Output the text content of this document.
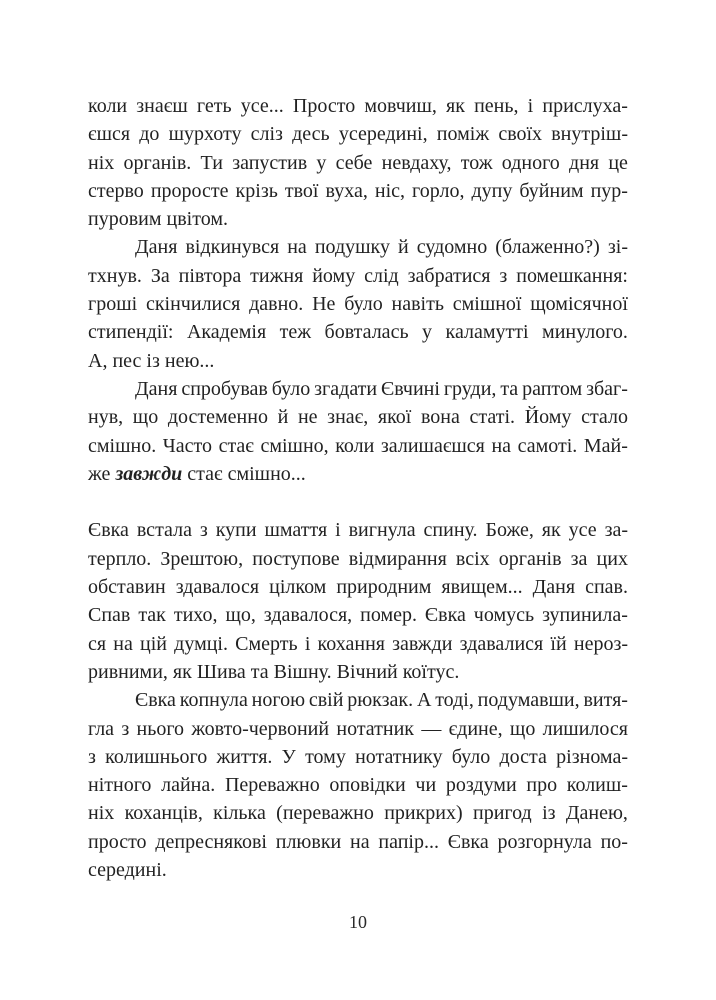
коли знаєш геть усе... Просто мовчиш, як пень, і прислуха-
єшся до шурхоту сліз десь усередині, поміж своїх внутріш-
ніх органів. Ти запустив у себе невдаху, тож одного дня це
стерво проросте крізь твої вуха, ніс, горло, дупу буйним пур-
пуровим цвітом.
Даня відкинувся на подушку й судомно (блаженно?) зі-
тхнув. За півтора тижня йому слід забратися з помешкання:
гроші скінчилися давно. Не було навіть смішної щомісячної
стипендії: Академія теж бовталась у каламутті минулого.
А, пес із нею...
Даня спробував було згадати Євчині груди, та раптом збаг-
нув, що достеменно й не знає, якої вона статі. Йому стало
смішно. Часто стає смішно, коли залишаєшся на самоті. Май-
же завжди стає смішно...
Євка встала з купи шмаття і вигнула спину. Боже, як усе за-
терпло. Зрештою, поступове відмирання всіх органів за цих
обставин здавалося цілком природним явищем... Даня спав.
Спав так тихо, що, здавалося, помер. Євка чомусь зупинила-
ся на цій думці. Смерть і кохання завжди здавалися їй нероз-
ривними, як Шива та Вішну. Вічний коїтус.
Євка копнула ногою свій рюкзак. А тоді, подумавши, витя-
гла з нього жовто-червоний нотатник — єдине, що лишилося
з колишнього життя. У тому нотатнику було доста різнома-
нітного лайна. Переважно оповідки чи роздуми про колиш-
ніх коханців, кілька (переважно прикрих) пригод із Данею,
просто депреснякові плювки на папір... Євка розгорнула по-
середині.
10
